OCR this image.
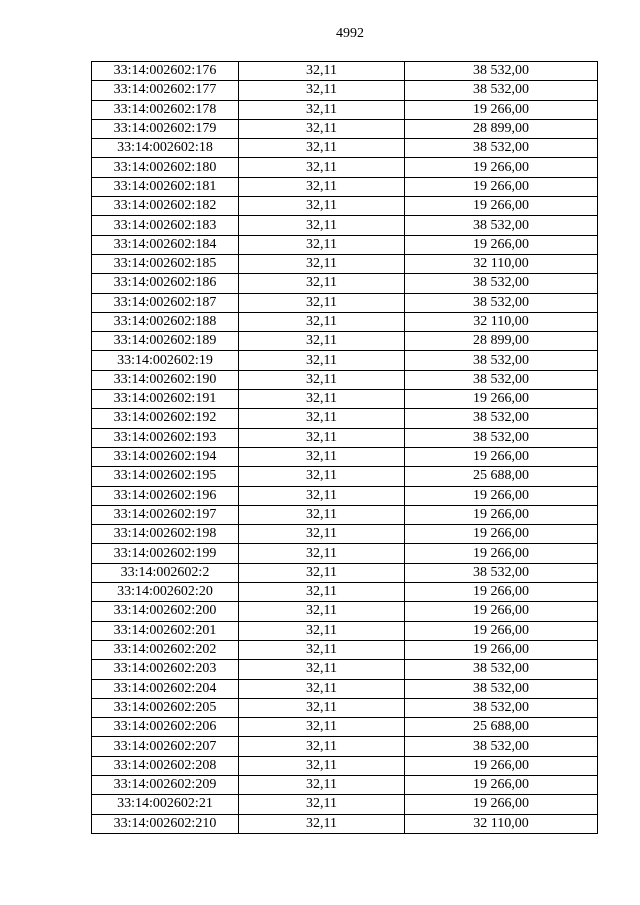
4992
33:14:002602:176	32,11	38 532,00
33:14:002602:177	32,11	38 532,00
33:14:002602:178	32,11	19 266,00
33:14:002602:179	32,11	28 899,00
33:14:002602:18	32,11	38 532,00
33:14:002602:180	32,11	19 266,00
33:14:002602:181	32,11	19 266,00
33:14:002602:182	32,11	19 266,00
33:14:002602:183	32,11	38 532,00
33:14:002602:184	32,11	19 266,00
33:14:002602:185	32,11	32 110,00
33:14:002602:186	32,11	38 532,00
33:14:002602:187	32,11	38 532,00
33:14:002602:188	32,11	32 110,00
33:14:002602:189	32,11	28 899,00
33:14:002602:19	32,11	38 532,00
33:14:002602:190	32,11	38 532,00
33:14:002602:191	32,11	19 266,00
33:14:002602:192	32,11	38 532,00
33:14:002602:193	32,11	38 532,00
33:14:002602:194	32,11	19 266,00
33:14:002602:195	32,11	25 688,00
33:14:002602:196	32,11	19 266,00
33:14:002602:197	32,11	19 266,00
33:14:002602:198	32,11	19 266,00
33:14:002602:199	32,11	19 266,00
33:14:002602:2	32,11	38 532,00
33:14:002602:20	32,11	19 266,00
33:14:002602:200	32,11	19 266,00
33:14:002602:201	32,11	19 266,00
33:14:002602:202	32,11	19 266,00
33:14:002602:203	32,11	38 532,00
33:14:002602:204	32,11	38 532,00
33:14:002602:205	32,11	38 532,00
33:14:002602:206	32,11	25 688,00
33:14:002602:207	32,11	38 532,00
33:14:002602:208	32,11	19 266,00
33:14:002602:209	32,11	19 266,00
33:14:002602:21	32,11	19 266,00
33:14:002602:210	32,11	32 110,00
